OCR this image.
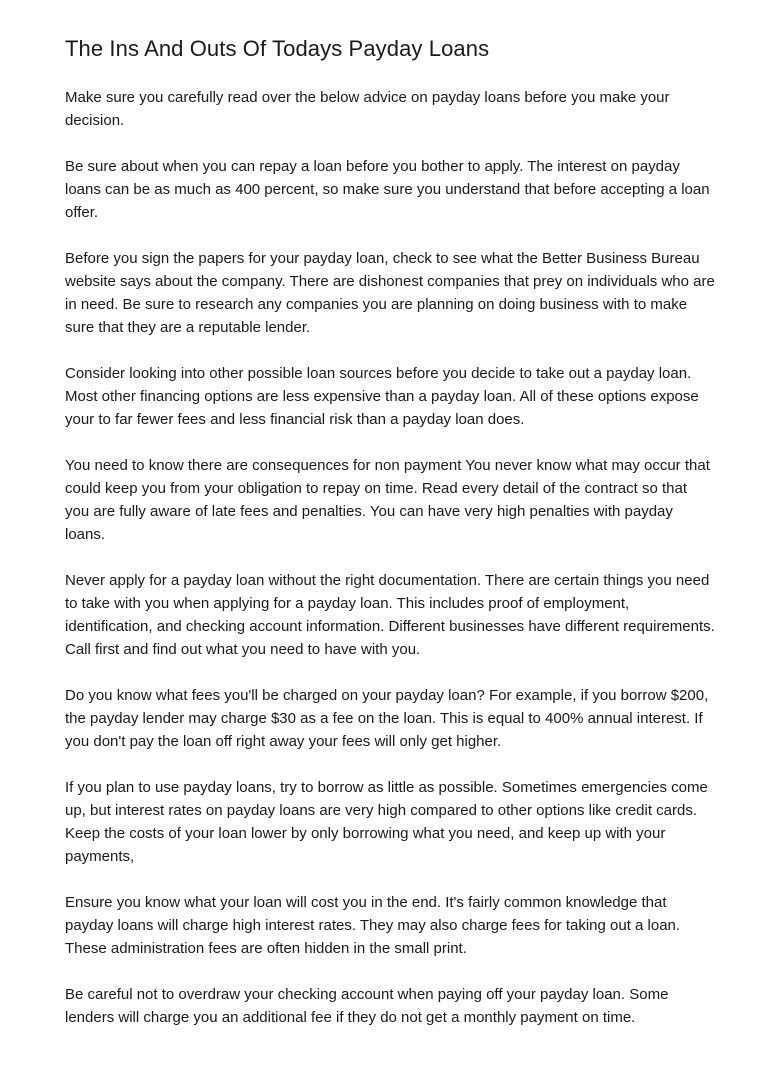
The Ins And Outs Of Todays Payday Loans

Make sure you carefully read over the below advice on payday loans before you make your decision.

Be sure about when you can repay a loan before you bother to apply. The interest on payday loans can be as much as 400 percent, so make sure you understand that before accepting a loan offer.

Before you sign the papers for your payday loan, check to see what the Better Business Bureau website says about the company. There are dishonest companies that prey on individuals who are in need. Be sure to research any companies you are planning on doing business with to make sure that they are a reputable lender.

Consider looking into other possible loan sources before you decide to take out a payday loan. Most other financing options are less expensive than a payday loan. All of these options expose your to far fewer fees and less financial risk than a payday loan does.

You need to know there are consequences for non payment You never know what may occur that could keep you from your obligation to repay on time. Read every detail of the contract so that you are fully aware of late fees and penalties. You can have very high penalties with payday loans.

Never apply for a payday loan without the right documentation. There are certain things you need to take with you when applying for a payday loan. This includes proof of employment, identification, and checking account information. Different businesses have different requirements. Call first and find out what you need to have with you.

Do you know what fees you'll be charged on your payday loan? For example, if you borrow $200, the payday lender may charge $30 as a fee on the loan. This is equal to 400% annual interest. If you don't pay the loan off right away your fees will only get higher.

If you plan to use payday loans, try to borrow as little as possible. Sometimes emergencies come up, but interest rates on payday loans are very high compared to other options like credit cards. Keep the costs of your loan lower by only borrowing what you need, and keep up with your payments,

Ensure you know what your loan will cost you in the end. It's fairly common knowledge that payday loans will charge high interest rates. They may also charge fees for taking out a loan. These administration fees are often hidden in the small print.

Be careful not to overdraw your checking account when paying off your payday loan. Some lenders will charge you an additional fee if they do not get a monthly payment on time.
